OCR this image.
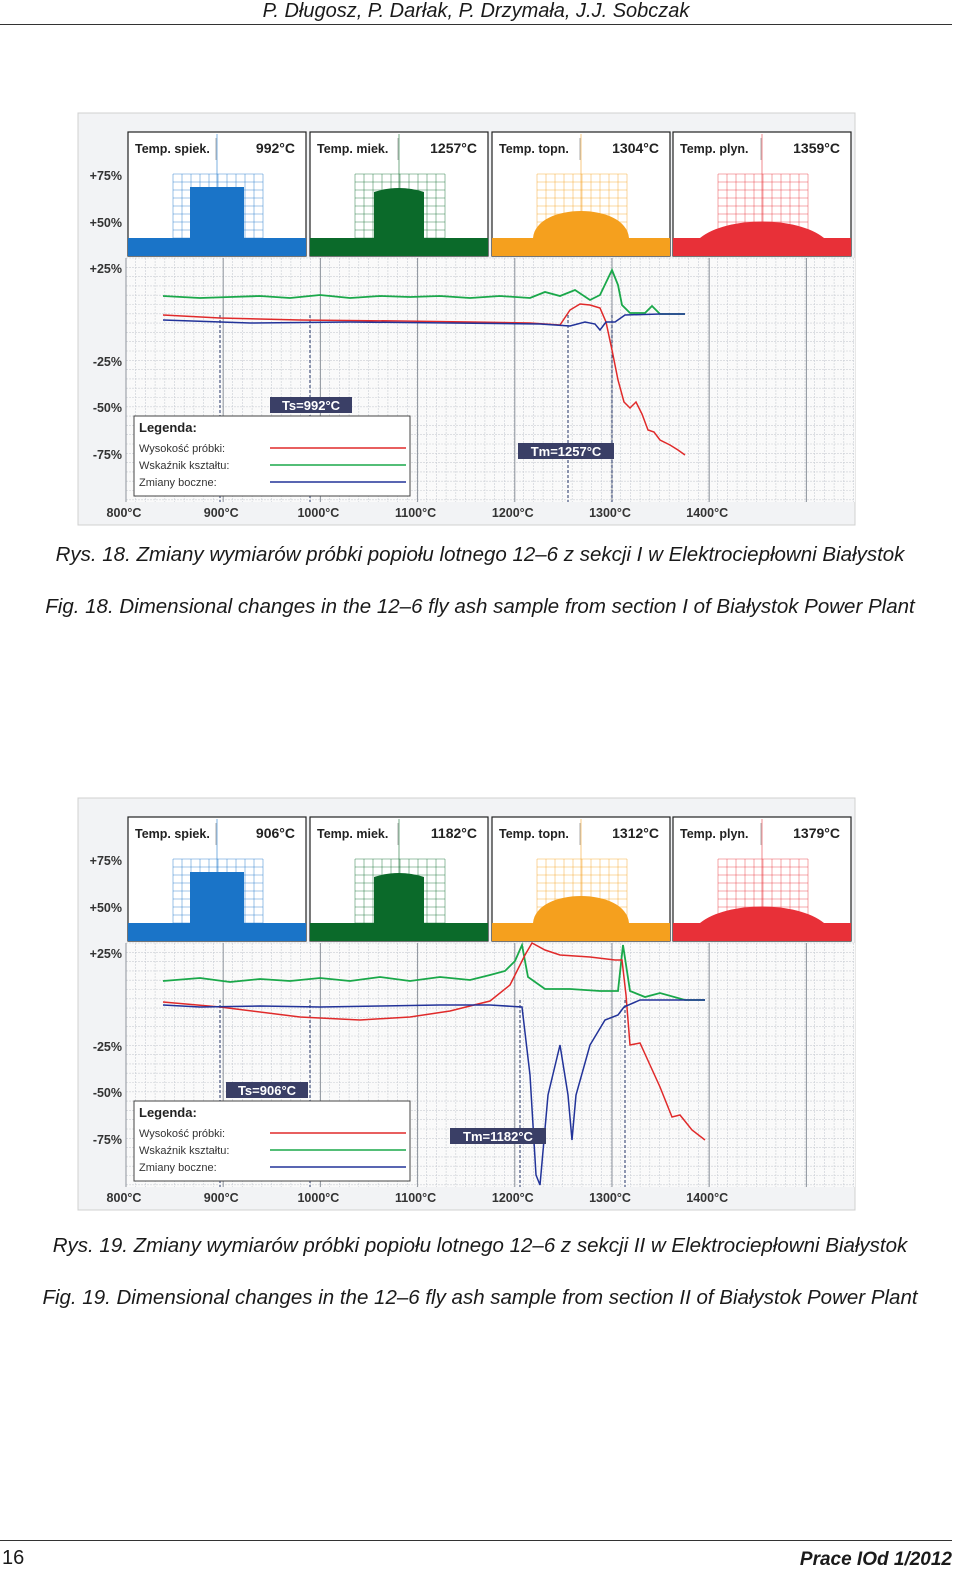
P. Długosz, P. Darłak, P. Drzymała, J.J. Sobczak
Temp. spiek.	992°C Temp. miek.	1257°C Temp. topn.	1304°C Temp. plyn.	1359°C
+75%
+50%
+25%
-25%
-50%
-75%
800°C	900°C	1000°C	1100°C	1200°C	1300°C	1400°C
Ts=992°C
Tm=1257°C
Legenda:
Wysokość próbki:
Wskaźnik kształtu:
Zmiany boczne:
Rys. 18. Zmiany wymiarów próbki popiołu lotnego 12–6 z sekcji I w Elektrociepłowni Białystok
Fig. 18. Dimensional changes in the 12–6 fly ash sample from section I of Białystok Power Plant
Temp. spiek.	906°C Temp. miek.	1182°C Temp. topn.	1312°C Temp. plyn.	1379°C
+75%
+50%
+25%
-25%
-50%
-75%
800°C	900°C	1000°C	1100°C	1200°C	1300°C	1400°C
Ts=906°C
Tm=1182°C
Legenda:
Wysokość próbki:
Wskaźnik kształtu:
Zmiany boczne:
Rys. 19. Zmiany wymiarów próbki popiołu lotnego 12–6 z sekcji II w Elektrociepłowni Białystok
Fig. 19. Dimensional changes in the 12–6 fly ash sample from section II of Białystok Power Plant
16	Prace IOd 1/2012
